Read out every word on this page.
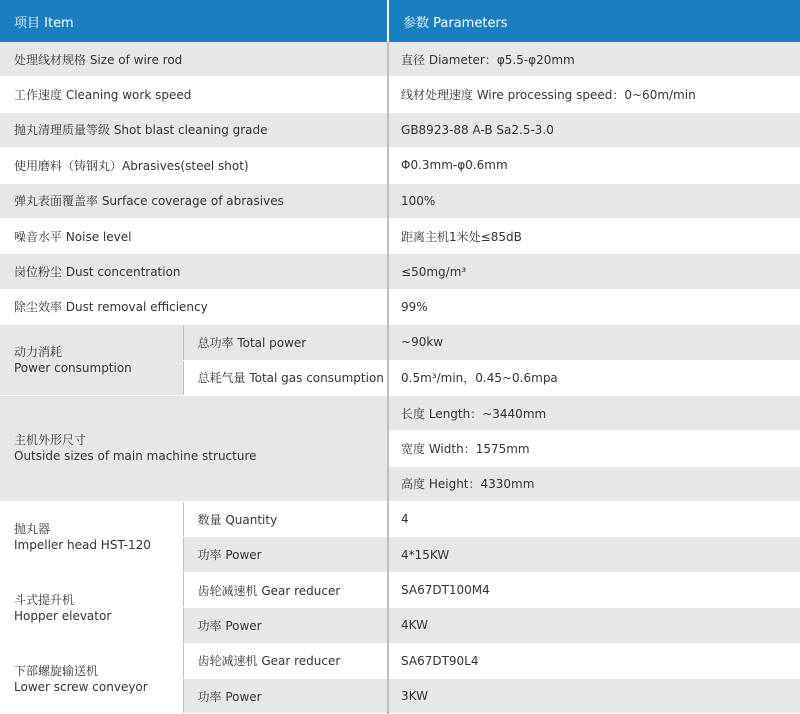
项目 Item		参数 Parameters
处理线材规格 Size of wire rod		直径 Diameter：φ5.5-φ20mm
工作速度 Cleaning work speed		线材处理速度 Wire processing speed：0~60m/min
抛丸清理质量等级 Shot blast cleaning grade		GB8923-88 A-B Sa2.5-3.0
使用磨料（铸钢丸）Abrasives(steel shot)		Φ0.3mm-φ0.6mm
弹丸表面覆盖率 Surface coverage of abrasives		100%
噪音水平 Noise level		距离主机1米处≤85dB
岗位粉尘 Dust concentration		≤50mg/m³
除尘效率 Dust removal efficiency		99%

动力消耗
Power consumption	总功率 Total power	~90kw
	总耗气量 Total gas consumption	0.5m³/min，0.45~0.6mpa

主机外形尺寸
Outside sizes of main machine structure		长度 Length：~3440mm
		宽度 Width：1575mm
		高度 Height：4330mm

抛丸器
Impeller head HST-120	数量 Quantity	4
	功率 Power	4*15KW

斗式提升机
Hopper elevator	齿轮减速机 Gear reducer	SA67DT100M4
	功率 Power	4KW

下部螺旋输送机
Lower screw conveyor	齿轮减速机 Gear reducer	SA67DT90L4
	功率 Power	3KW
